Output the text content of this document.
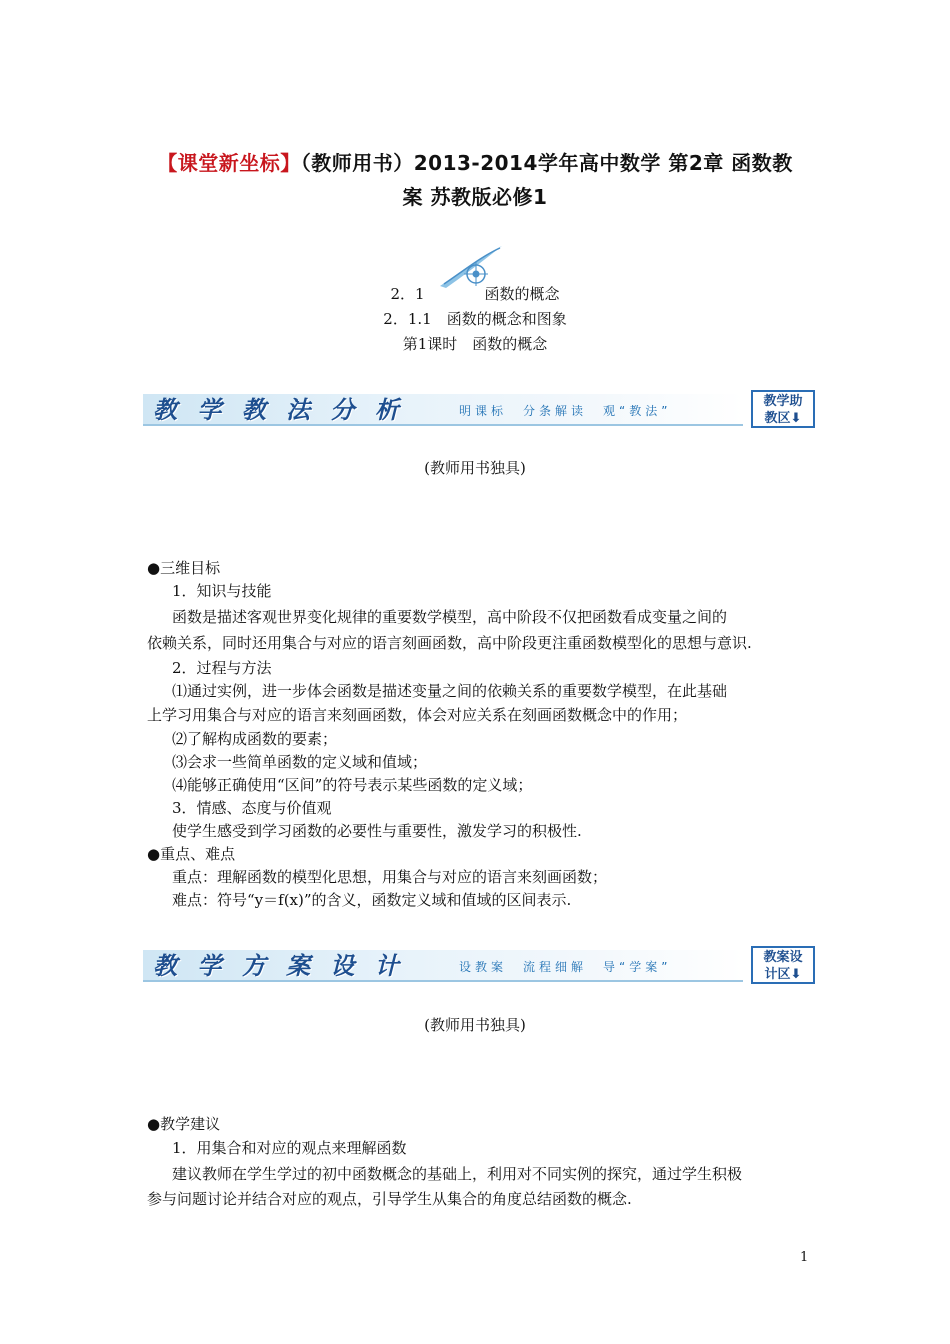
【课堂新坐标】（教师用书）2013-2014学年高中数学 第2章 函数教
案 苏教版必修1
2．1　　　　函数的概念
2．1.1　函数的概念和图象
第1课时　函数的概念
教 学 教 法 分 析	明课标　分条解读　观“教法”
教学助
教区⬇
(教师用书独具)
●三维目标
1．知识与技能
函数是描述客观世界变化规律的重要数学模型，高中阶段不仅把函数看成变量之间的
依赖关系，同时还用集合与对应的语言刻画函数，高中阶段更注重函数模型化的思想与意识.
2．过程与方法
⑴通过实例，进一步体会函数是描述变量之间的依赖关系的重要数学模型，在此基础
上学习用集合与对应的语言来刻画函数，体会对应关系在刻画函数概念中的作用；
⑵了解构成函数的要素；
⑶会求一些简单函数的定义域和值域；
⑷能够正确使用“区间”的符号表示某些函数的定义域；
3．情感、态度与价值观
使学生感受到学习函数的必要性与重要性，激发学习的积极性.
●重点、难点
重点：理解函数的模型化思想，用集合与对应的语言来刻画函数；
难点：符号“y＝f(x)”的含义，函数定义域和值域的区间表示.
教 学 方 案 设 计	设教案　流程细解　导“学案”
教案设
计区⬇
(教师用书独具)
●教学建议
1．用集合和对应的观点来理解函数
建议教师在学生学过的初中函数概念的基础上，利用对不同实例的探究，通过学生积极
参与问题讨论并结合对应的观点，引导学生从集合的角度总结函数的概念.
1
